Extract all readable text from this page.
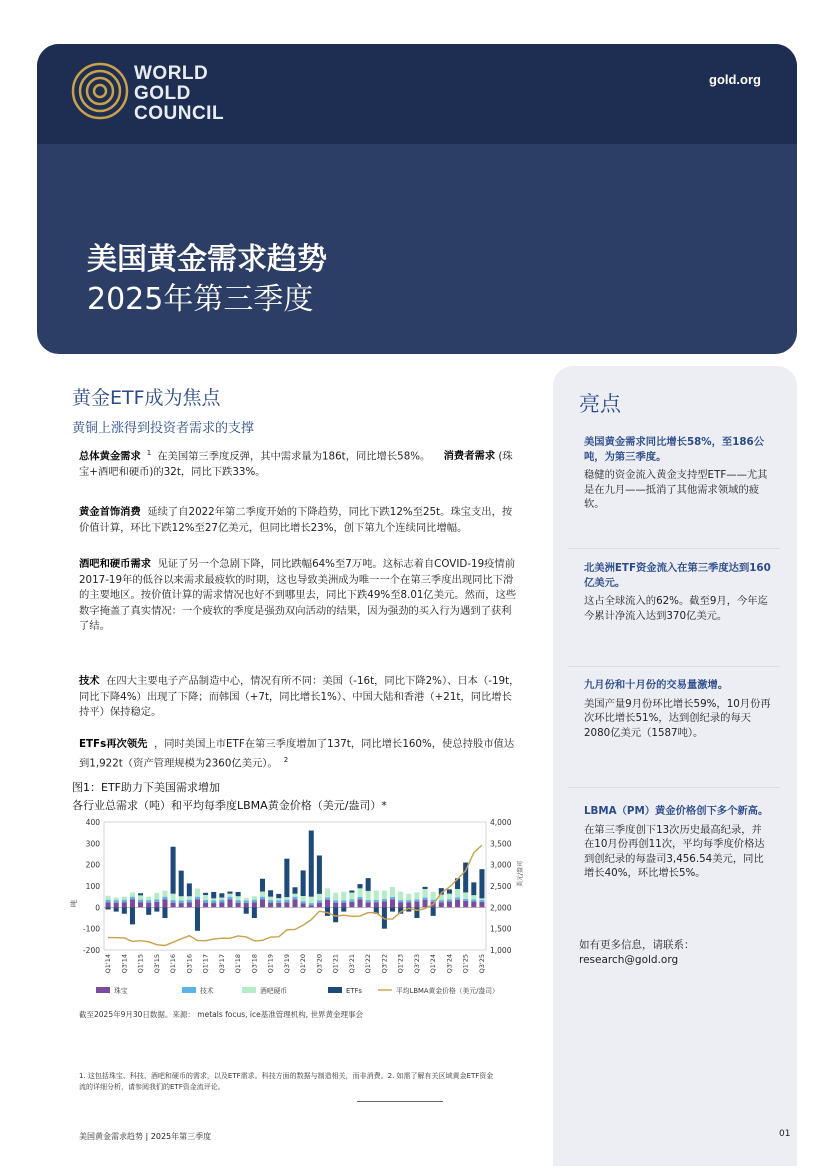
WORLD
GOLD
COUNCIL
gold.org
美国黄金需求趋势
2025年第三季度
黄金ETF成为焦点
黄铜上涨得到投资者需求的支撑
总体黄金需求 $^1$ 在美国第三季度反弹，其中需求量为186t，同比增长58%。 消费者需求 (珠宝+酒吧和硬币)的32t，同比下跌33%。
黄金首饰消费 延续了自2022年第二季度开始的下降趋势，同比下跌12%至25t。珠宝支出，按价值计算，环比下跌12%至27亿美元，但同比增长23%，创下第九个连续同比增幅。
酒吧和硬币需求 见证了另一个急剧下降，同比跌幅64%至7万吨。这标志着自COVID-19疫情前2017-19年的低谷以来需求最疲软的时期，这也导致美洲成为唯一一个在第三季度出现同比下滑的主要地区。按价值计算的需求情况也好不到哪里去，同比下跌49%至8.01亿美元。然而，这些数字掩盖了真实情况：一个疲软的季度是强劲双向活动的结果，因为强劲的买入行为遇到了获利了结。
技术 在四大主要电子产品制造中心，情况有所不同：美国（-16t，同比下降2%）、日本（-19t，同比下降4%）出现了下降；而韩国（+7t，同比增长1%）、中国大陆和香港（+21t，同比增长持平）保持稳定。
ETFs再次领先 ，同时美国上市ETF在第三季度增加了137t，同比增长160%，使总持股市值达到1,922t（资产管理规模为2360亿美元）。 $^2$
亮点
美国黄金需求同比增长58%，至186公吨，为第三季度。
稳健的资金流入黄金支持型ETF——尤其是在九月——抵消了其他需求领域的疲软。
北美洲ETF资金流入在第三季度达到160亿美元。
这占全球流入的62%。截至9月，今年迄今累计净流入达到370亿美元。
九月份和十月份的交易量激增。
美国产量9月份环比增长59%，10月份再次环比增长51%，达到创纪录的每天2080亿美元（1587吨）。
LBMA（PM）黄金价格创下多个新高。
在第三季度创下13次历史最高纪录，并在10月份再创11次，平均每季度价格达到创纪录的每盎司3,456.54美元，同比增长40%，环比增长5%。
如有更多信息，请联系：research@gold.org
图1：ETF助力下美国需求增加
各行业总需求（吨）和平均每季度LBMA黄金价格（美元/盎司）*
吨
美元/盎司
400
300
200
100
0
-100
-200
4,000
3,500
3,000
2,500
2,000
1,500
1,000
Q1'14 Q3'14 Q1'15 Q3'15 Q1'16 Q3'16 Q1'17 Q3'17 Q1'18 Q3'18 Q1'19 Q3'19 Q1'20 Q3'20 Q1'21 Q3'21 Q1'22 Q3'22 Q1'23 Q3'23 Q1'24 Q3'24 Q1'25 Q3'25
珠宝	技术	酒吧硬币	ETFs	平均LBMA黄金价格（美元/盎司）
截至2025年9月30日数据。来源： metals focus, ice基准管理机构, 世界黄金理事会
1. 这包括珠宝、科技、酒吧和硬币的需求，以及ETF需求。科技方面的数据与制造相关，而非消费。2. 如需了解有关区域黄金ETF资金流的详细分析，请参阅我们的ETF资金流评论。
美国黄金需求趋势 | 2025年第三季度	01
